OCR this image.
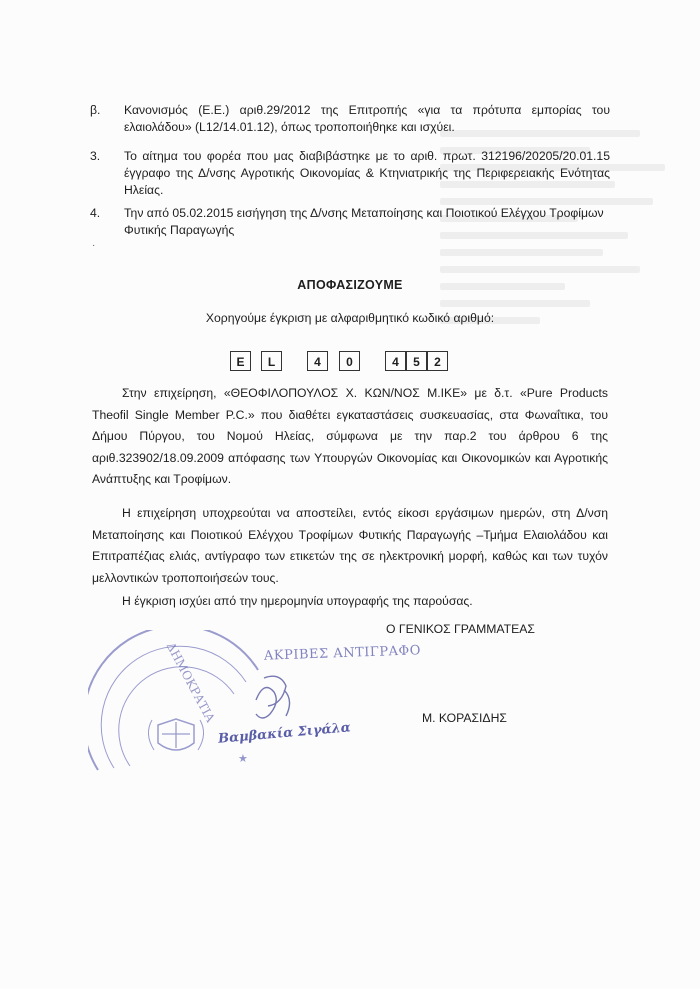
β. Κανονισμός (Ε.Ε.) αριθ.29/2012 της Επιτροπής «για τα πρότυπα εμπορίας του ελαιολάδου» (L12/14.01.12), όπως τροποποιήθηκε και ισχύει.
3. Το αίτημα του φορέα που μας διαβιβάστηκε με το αριθ. πρωτ. 312196/20205/20.01.15 έγγραφο της Δ/νσης Αγροτικής Οικονομίας & Κτηνιατρικής της Περιφερειακής Ενότητας Ηλείας.
4. Την από 05.02.2015 εισήγηση της Δ/νσης Μεταποίησης και Ποιοτικού Ελέγχου Τροφίμων Φυτικής Παραγωγής
·
ΑΠΟΦΑΣΙΖΟΥΜΕ
Χορηγούμε έγκριση με αλφαριθμητικό κωδικό αριθμό:
E	L	4	0	4	5	2
Στην επιχείρηση, «ΘΕΟΦΙΛΟΠΟΥΛΟΣ Χ. ΚΩΝ/ΝΟΣ Μ.ΙΚΕ» με δ.τ. «Pure Products Theofil Single Member P.C.» που διαθέτει εγκαταστάσεις συσκευασίας, στα Φωναΐτικα, του Δήμου Πύργου, του Νομού Ηλείας, σύμφωνα με την παρ.2 του άρθρου 6 της αριθ.323902/18.09.2009 απόφασης των Υπουργών Οικονομίας και Οικονομικών και Αγροτικής Ανάπτυξης και Τροφίμων.
Η επιχείρηση υποχρεούται να αποστείλει, εντός είκοσι εργάσιμων ημερών, στη Δ/νση Μεταποίησης και Ποιοτικού Ελέγχου Τροφίμων Φυτικής Παραγωγής –Τμήμα Ελαιολάδου και Επιτραπέζιας ελιάς, αντίγραφο των ετικετών της σε ηλεκτρονική μορφή, καθώς και των τυχόν μελλοντικών τροποποιήσεών τους.
Η έγκριση ισχύει από την ημερομηνία υπογραφής της παρούσας.
Ο ΓΕΝΙΚΟΣ ΓΡΑΜΜΑΤΕΑΣ
Μ. ΚΟΡΑΣΙΔΗΣ
★
ΔΗΜΟΚΡΑΤΙΑ	ΑΚΡΙΒΕΣ ΑΝΤΙΓΡΑΦΟ
Βαμβακία Σιγάλα
